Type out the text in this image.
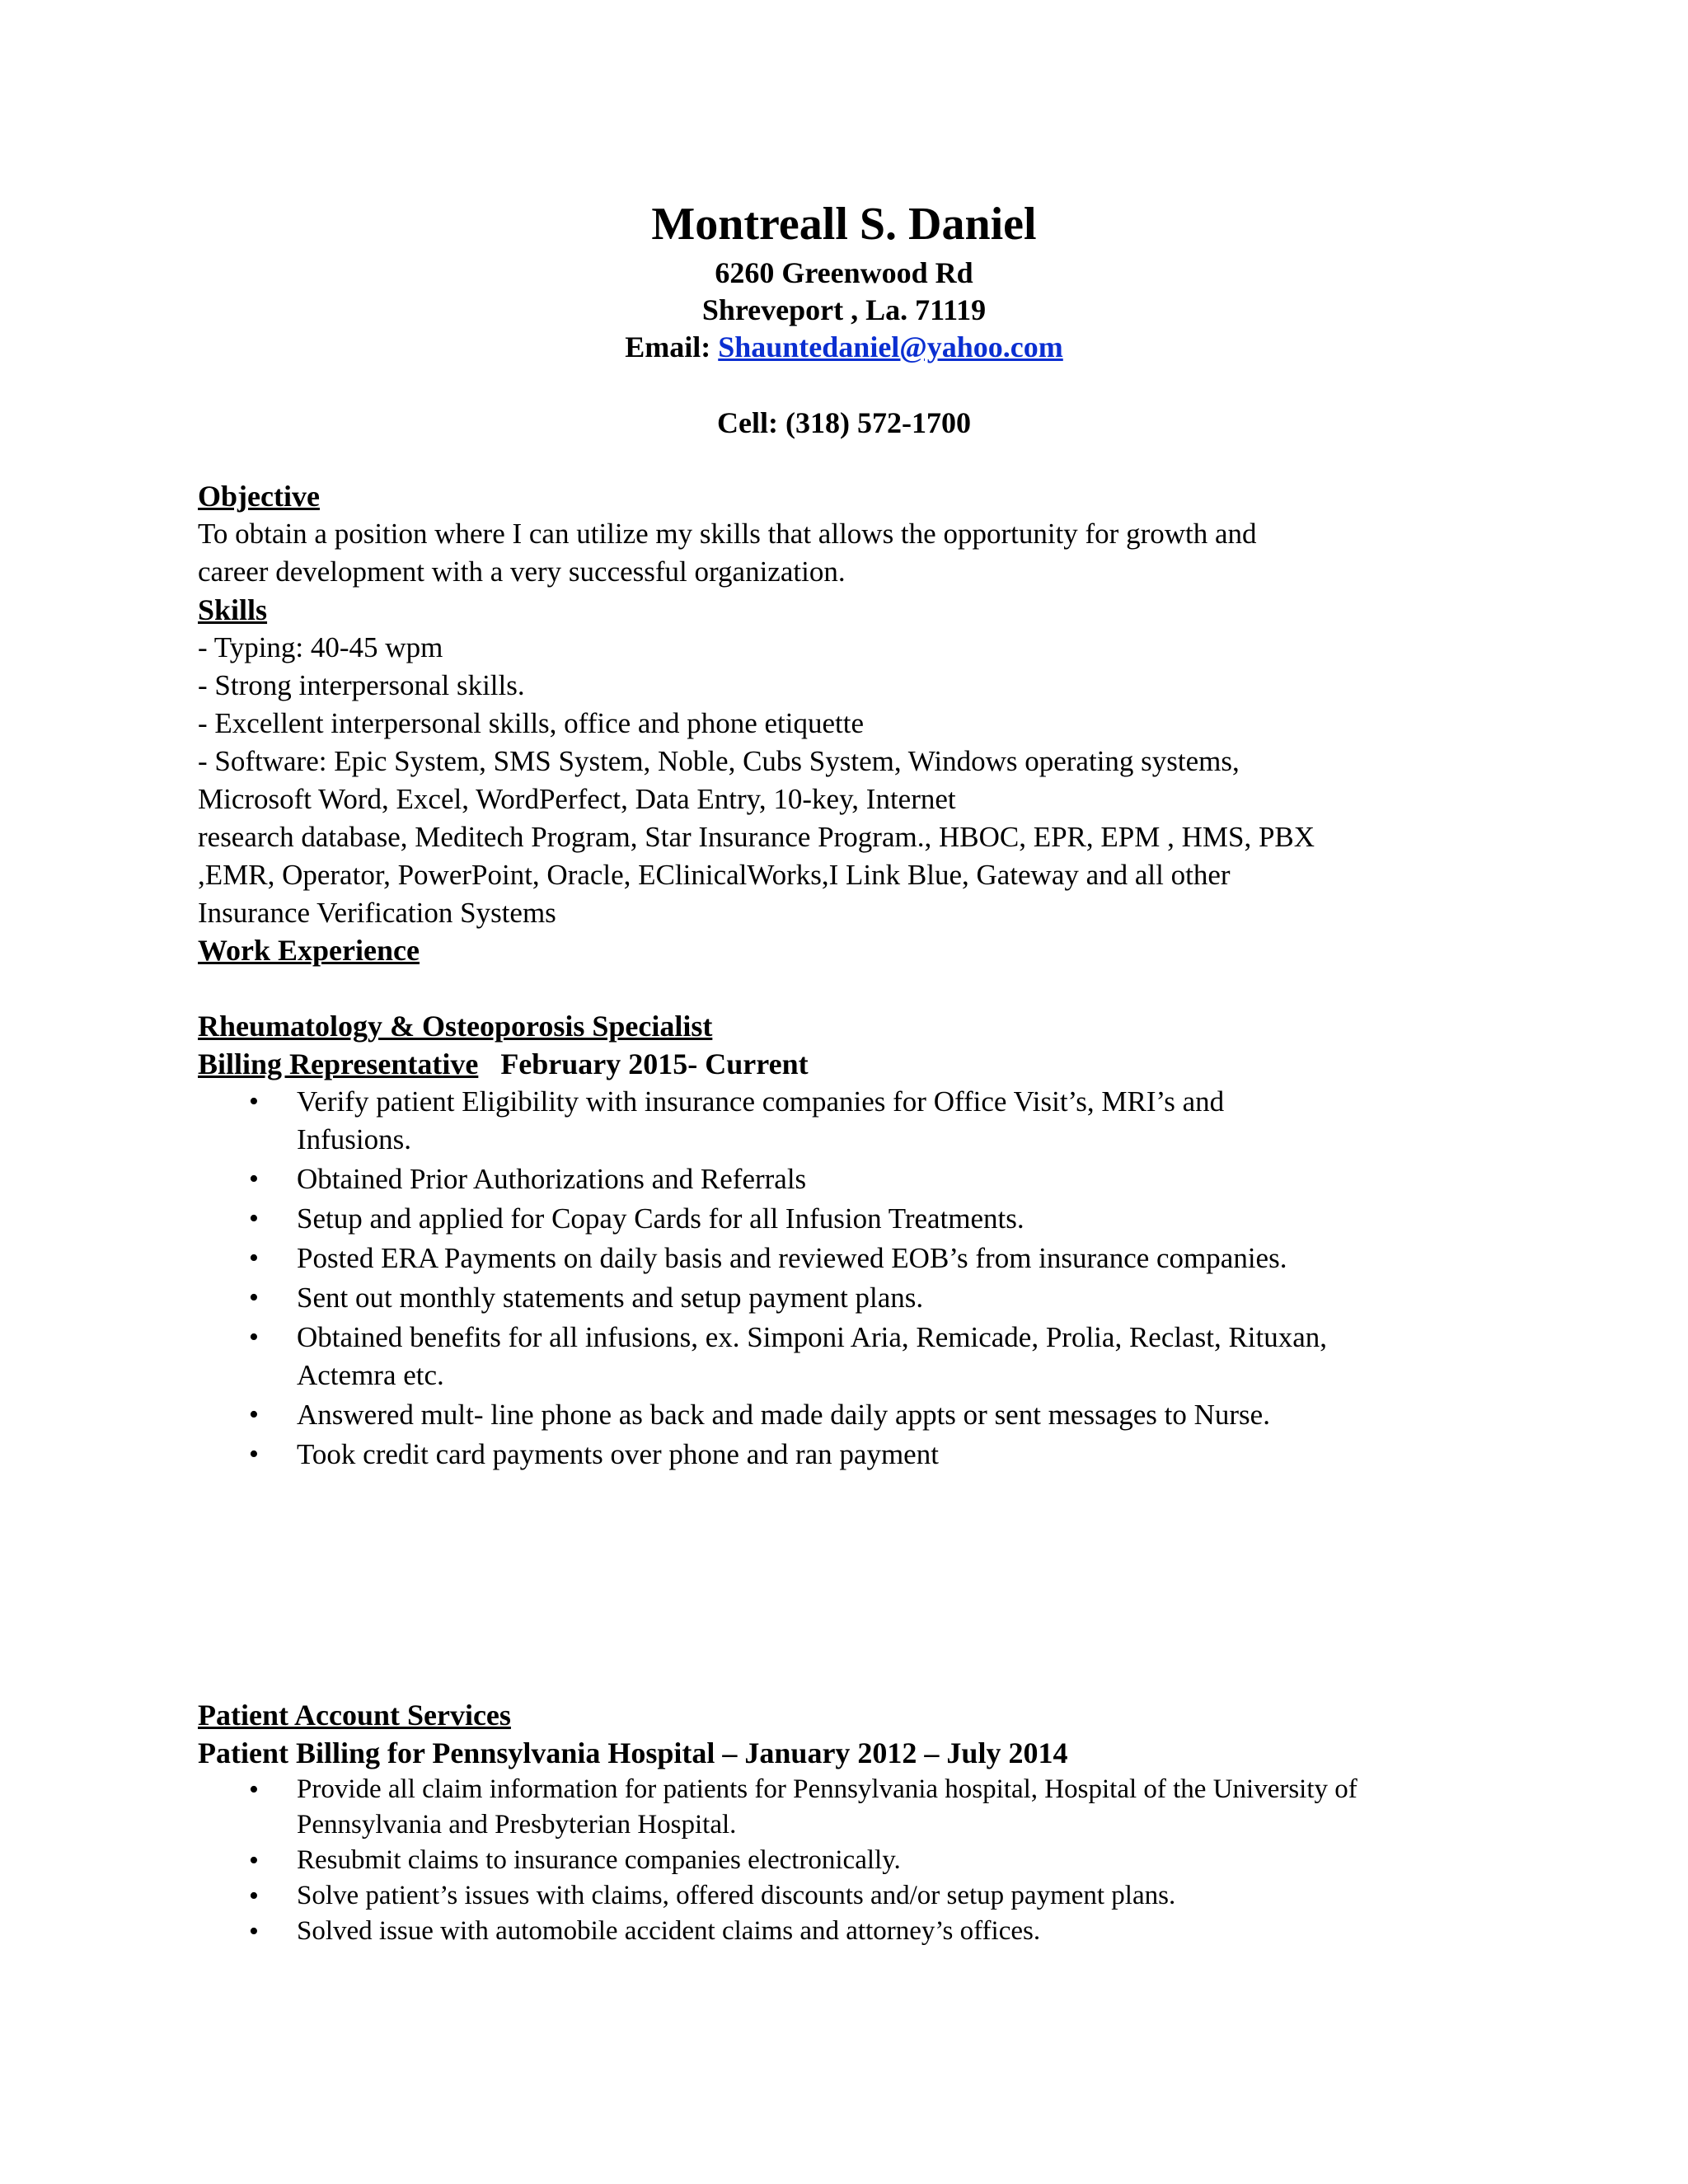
Montreall S. Daniel
6260 Greenwood Rd
Shreveport , La. 71119
Email: Shauntedaniel@yahoo.com
Cell: (318) 572-1700
Objective
To obtain a position where I can utilize my skills that allows the opportunity for growth and
career development with a very successful organization.
Skills
- Typing: 40-45 wpm
- Strong interpersonal skills.
- Excellent interpersonal skills, office and phone etiquette
- Software: Epic System, SMS System, Noble, Cubs System, Windows operating systems,
Microsoft Word, Excel, WordPerfect, Data Entry, 10-key, Internet
research database, Meditech Program, Star Insurance Program., HBOC, EPR, EPM , HMS, PBX
,EMR, Operator, PowerPoint, Oracle, EClinicalWorks,I Link Blue, Gateway and all other
Insurance Verification Systems
Work Experience
Rheumatology & Osteoporosis Specialist
Billing Representative February 2015- Current
• Verify patient Eligibility with insurance companies for Office Visit’s, MRI’s and
Infusions.
• Obtained Prior Authorizations and Referrals
• Setup and applied for Copay Cards for all Infusion Treatments.
• Posted ERA Payments on daily basis and reviewed EOB’s from insurance companies.
• Sent out monthly statements and setup payment plans.
• Obtained benefits for all infusions, ex. Simponi Aria, Remicade, Prolia, Reclast, Rituxan,
Actemra etc.
• Answered mult- line phone as back and made daily appts or sent messages to Nurse.
• Took credit card payments over phone and ran payment
Patient Account Services
Patient Billing for Pennsylvania Hospital – January 2012 – July 2014
• Provide all claim information for patients for Pennsylvania hospital, Hospital of the University of
Pennsylvania and Presbyterian Hospital.
• Resubmit claims to insurance companies electronically.
• Solve patient’s issues with claims, offered discounts and/or setup payment plans.
• Solved issue with automobile accident claims and attorney’s offices.
